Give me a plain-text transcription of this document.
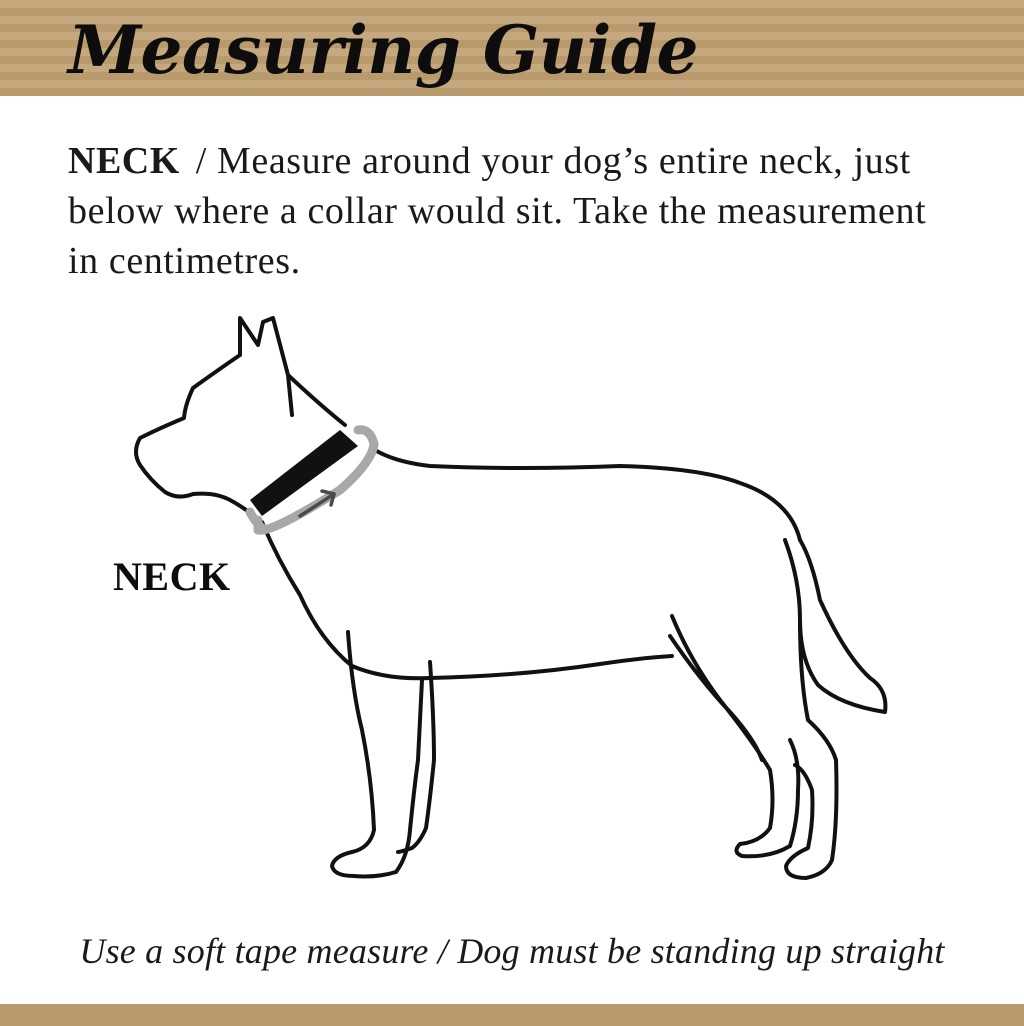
Measuring Guide
NECK / Measure around your dog’s entire neck, just below where a collar would sit. Take the measurement in centimetres.
NECK
Use a soft tape measure / Dog must be standing up straight
